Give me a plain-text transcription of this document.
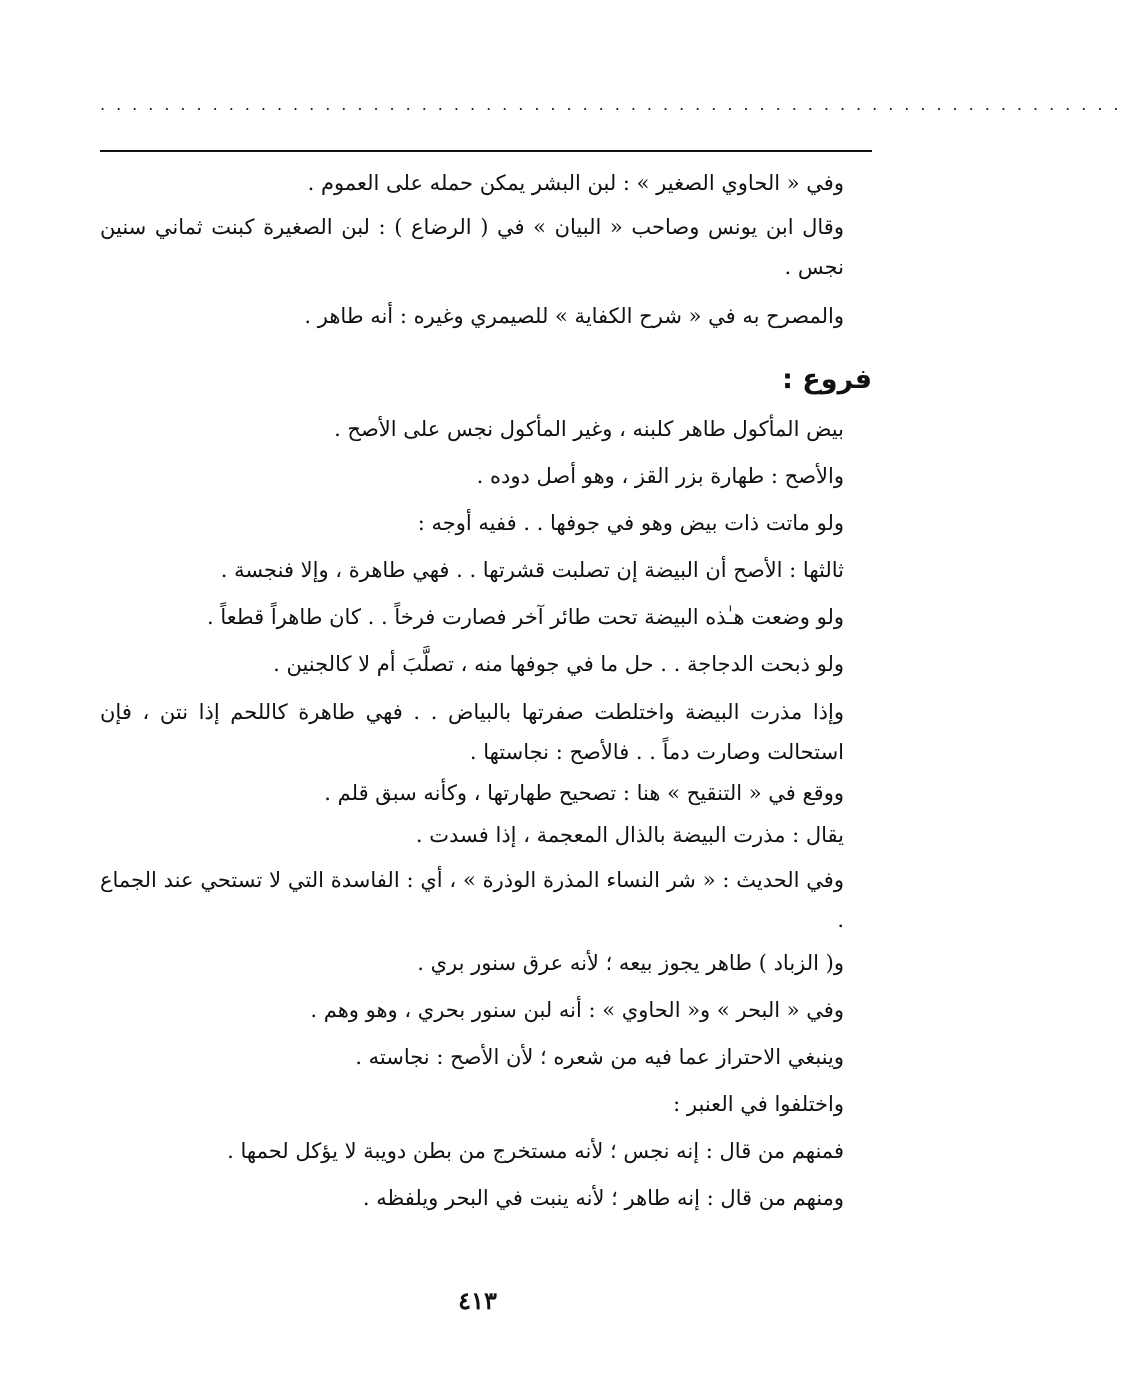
................................................................

وفي « الحاوي الصغير » : لبن البشر يمكن حمله على العموم .

وقال ابن يونس وصاحب « البيان » في ( الرضاع ) : لبن الصغيرة كبنت ثماني سنين نجس .

والمصرح به في « شرح الكفاية » للصيمري وغيره : أنه طاهر .

فروع :

بيض المأكول طاهر كلبنه ، وغير المأكول نجس على الأصح .

والأصح : طهارة بزر القز ، وهو أصل دوده .

ولو ماتت ذات بيض وهو في جوفها . . ففيه أوجه :

ثالثها : الأصح أن البيضة إن تصلبت قشرتها . . فهي طاهرة ، وإلا فنجسة .

ولو وضعت هـٰذه البيضة تحت طائر آخر فصارت فرخاً . . كان طاهراً قطعاً .

ولو ذبحت الدجاجة . . حل ما في جوفها منه ، تصلَّبَ أم لا كالجنين .

وإذا مذرت البيضة واختلطت صفرتها بالبياض . . فهي طاهرة كاللحم إذا نتن ، فإن استحالت وصارت دماً . . فالأصح : نجاستها .

ووقع في « التنقيح » هنا : تصحيح طهارتها ، وكأنه سبق قلم .

يقال : مذرت البيضة بالذال المعجمة ، إذا فسدت .

وفي الحديث : « شر النساء المذرة الوذرة » ، أي : الفاسدة التي لا تستحي عند الجماع .

و( الزباد ) طاهر يجوز بيعه ؛ لأنه عرق سنور بري .

وفي « البحر » و« الحاوي » : أنه لبن سنور بحري ، وهو وهم .

وينبغي الاحتراز عما فيه من شعره ؛ لأن الأصح : نجاسته .

واختلفوا في العنبر :

فمنهم من قال : إنه نجس ؛ لأنه مستخرج من بطن دويبة لا يؤكل لحمها .

ومنهم من قال : إنه طاهر ؛ لأنه ينبت في البحر ويلفظه .

٤١٣
